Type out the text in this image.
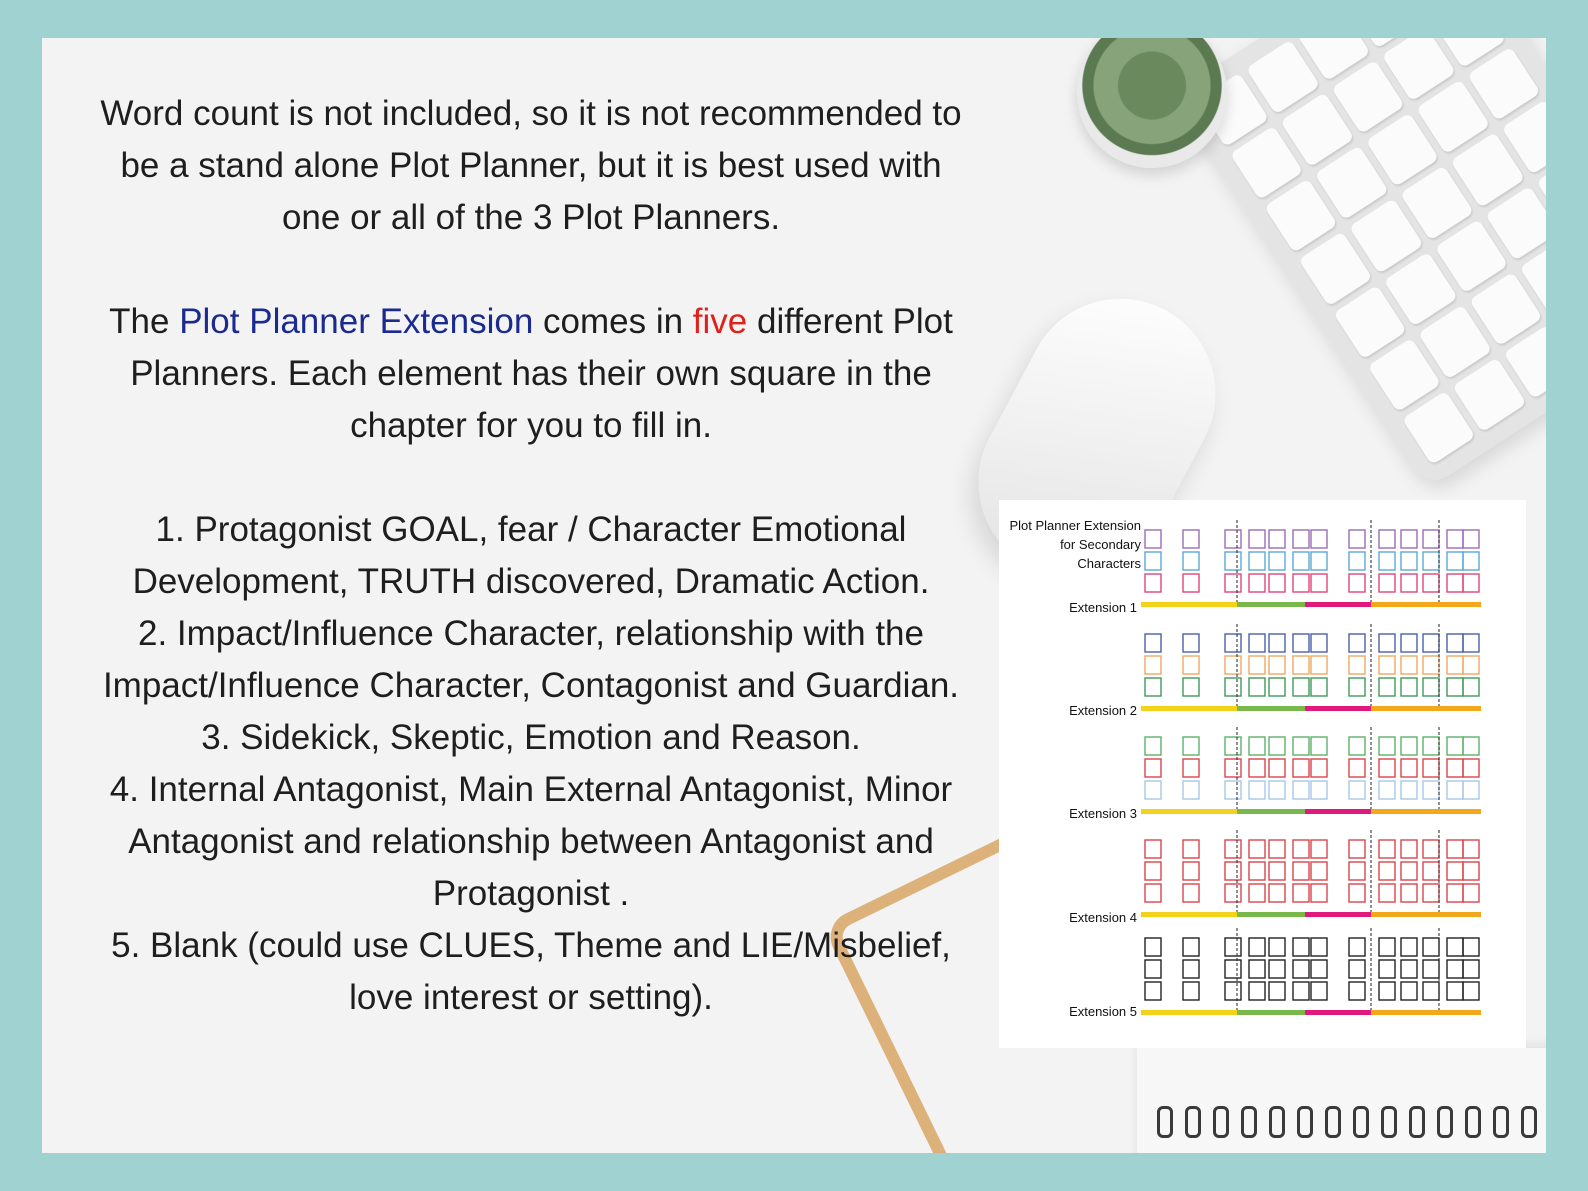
Word count is not included, so it is not recommended to
be a stand alone Plot Planner, but it is best used with
one or all of the 3 Plot Planners.

The Plot Planner Extension comes in five different Plot
Planners. Each element has their own square in the
chapter for you to fill in.

1. Protagonist GOAL, fear / Character Emotional
Development, TRUTH discovered, Dramatic Action.
2. Impact/Influence Character, relationship with the
Impact/Influence Character, Contagonist and Guardian.
3. Sidekick, Skeptic, Emotion and Reason.
4. Internal Antagonist, Main External Antagonist, Minor
Antagonist and relationship between Antagonist and
Protagonist .
5. Blank (could use CLUES, Theme and LIE/Misbelief,
love interest or setting).
Plot Planner Extension
for Secondary
Characters
Extension 1
Extension 2
Extension 3
Extension 4
Extension 5
